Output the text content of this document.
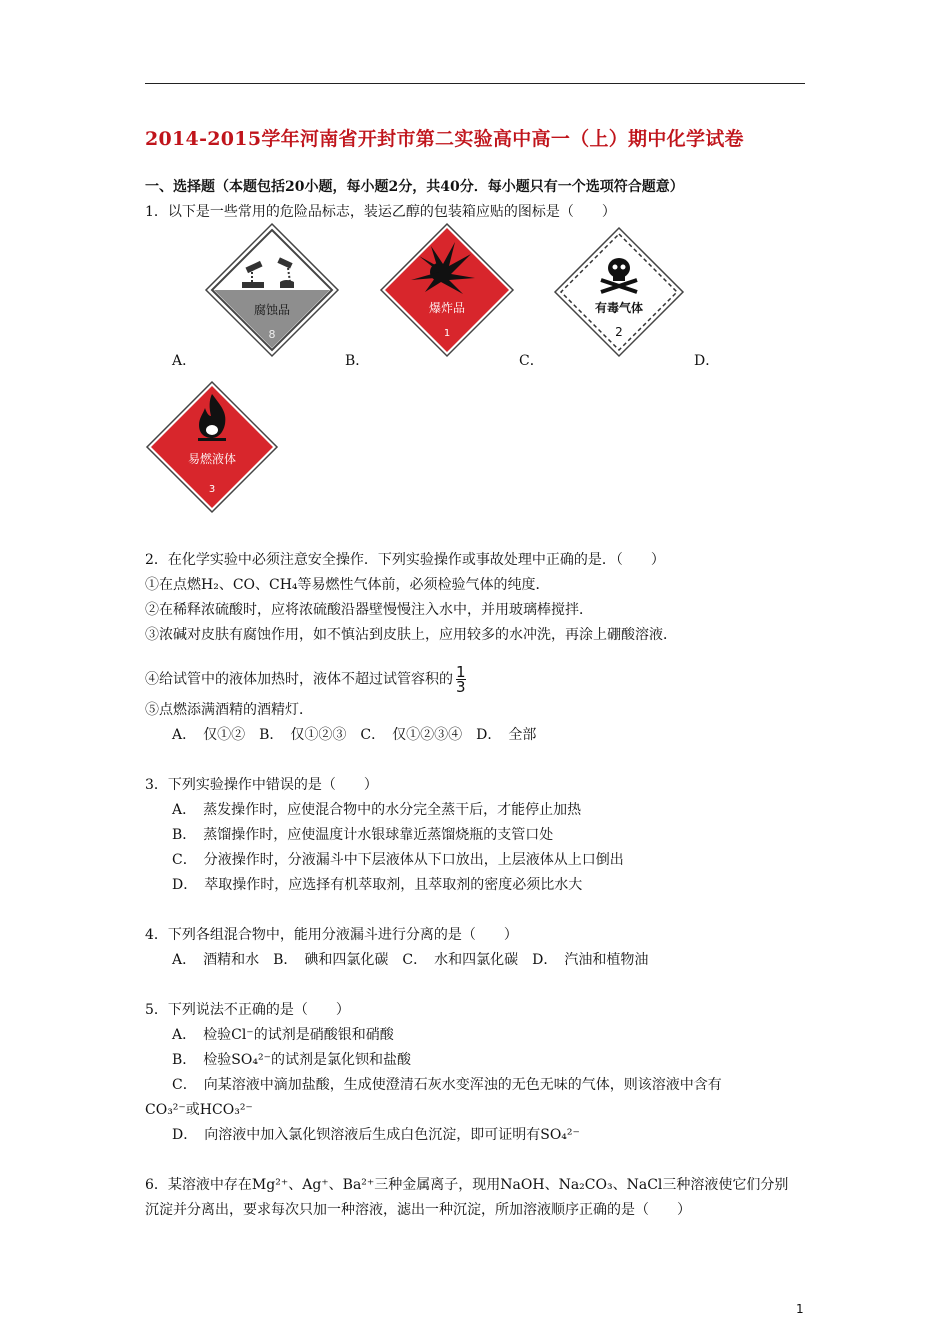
2014-2015学年河南省开封市第二实验高中高一（上）期中化学试卷
一、选择题（本题包括20小题，每小题2分，共40分．每小题只有一个选项符合题意）
1．以下是一些常用的危险品标志，装运乙醇的包装箱应贴的图标是（　　）
腐蚀品
8
A．
爆炸品
1
B．
有毒气体
2
C．	D．
易燃液体
3
2．在化学实验中必须注意安全操作．下列实验操作或事故处理中正确的是．（　　）
①在点燃H₂、CO、CH₄等易燃性气体前，必须检验气体的纯度．
②在稀释浓硫酸时，应将浓硫酸沿器壁慢慢注入水中，并用玻璃棒搅拌．
③浓碱对皮肤有腐蚀作用，如不慎沾到皮肤上，应用较多的水冲洗，再涂上硼酸溶液．
④给试管中的液体加热时，液体不超过试管容积的 $\frac{1}{3}$
⑤点燃添满酒精的酒精灯．
A．　仅①②　B．　仅①②③　C．　仅①②③④　D．　全部
3．下列实验操作中错误的是（　　）
A．　蒸发操作时，应使混合物中的水分完全蒸干后，才能停止加热
B．　蒸馏操作时，应使温度计水银球靠近蒸馏烧瓶的支管口处
C．　分液操作时，分液漏斗中下层液体从下口放出，上层液体从上口倒出
D．　萃取操作时，应选择有机萃取剂，且萃取剂的密度必须比水大
4．下列各组混合物中，能用分液漏斗进行分离的是（　　）
A．　酒精和水　B．　碘和四氯化碳　C．　水和四氯化碳　D．　汽油和植物油
5．下列说法不正确的是（　　）
A．　检验Cl⁻的试剂是硝酸银和硝酸
B．　检验SO₄²⁻的试剂是氯化钡和盐酸
C．　向某溶液中滴加盐酸，生成使澄清石灰水变浑浊的无色无味的气体，则该溶液中含有
CO₃²⁻或HCO₃²⁻
D．　向溶液中加入氯化钡溶液后生成白色沉淀，即可证明有SO₄²⁻
6．某溶液中存在Mg²⁺、Ag⁺、Ba²⁺三种金属离子，现用NaOH、Na₂CO₃、NaCl三种溶液使它们分别
沉淀并分离出，要求每次只加一种溶液，滤出一种沉淀，所加溶液顺序正确的是（　　）
1
